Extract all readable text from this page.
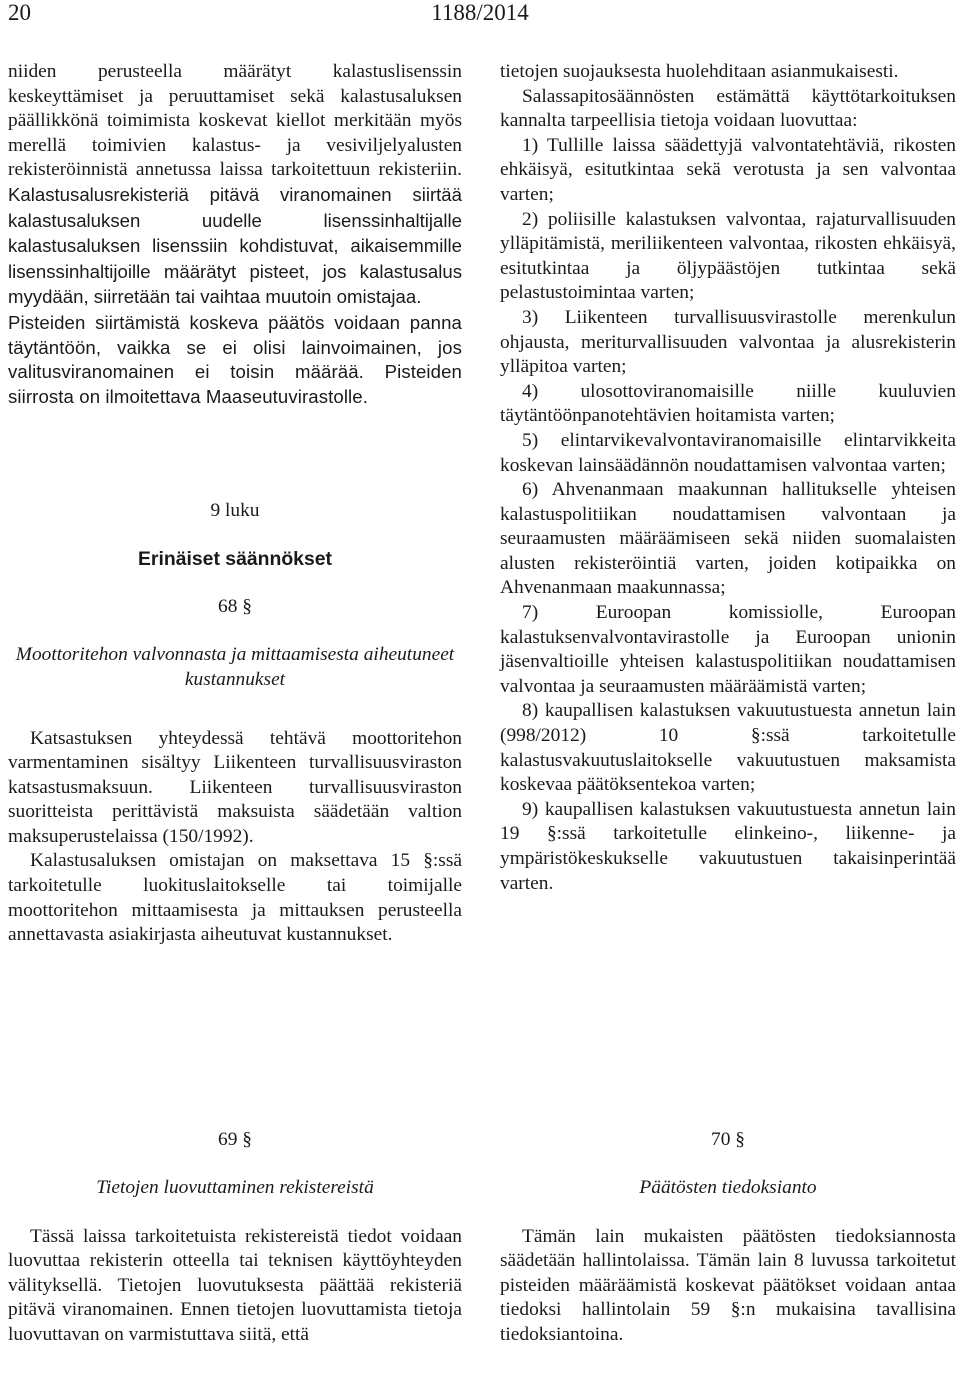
1188/2014
20

niiden perusteella määrätyt kalastuslisenssin keskeyttämiset ja peruuttamiset sekä kalastusaluksen päällikkönä toimimista koskevat kiellot merkitään myös merellä toimivien kalastus- ja vesiviljelyalusten rekisteröinnistä annetussa laissa tarkoitettuun rekisteriin. Kalastusalusrekisteriä pitävä viranomainen siirtää kalastusaluksen uudelle lisenssinhaltijalle kalastusaluksen lisenssiin kohdistuvat, aikaisemmille lisenssinhaltijoille määrätyt pisteet, jos kalastusalus myydään, siirretään tai vaihtaa muutoin omistajaa.

Pisteiden siirtämistä koskeva päätös voidaan panna täytäntöön, vaikka se ei olisi lainvoimainen, jos valitusviranomainen ei toisin määrää. Pisteiden siirrosta on ilmoitettava Maaseutuvirastolle.

9 luku

Erinäiset säännökset

68 §

Moottoritehon valvonnasta ja mittaamisesta aiheutuneet kustannukset

Katsastuksen yhteydessä tehtävä moottoritehon varmentaminen sisältyy Liikenteen turvallisuusviraston katsastusmaksuun. Liikenteen turvallisuusviraston suoritteista perittävistä maksuista säädetään valtion maksuperustelaissa (150/1992).

Kalastusaluksen omistajan on maksettava 15 §:ssä tarkoitetulle luokituslaitokselle tai toimijalle moottoritehon mittaamisesta ja mittauksen perusteella annettavasta asiakirjasta aiheutuvat kustannukset.

tietojen suojauksesta huolehditaan asianmukaisesti.

Salassapitosäännösten estämättä käyttötarkoituksen kannalta tarpeellisia tietoja voidaan luovuttaa:

1) Tullille laissa säädettyjä valvontatehtäviä, rikosten ehkäisyä, esitutkintaa sekä verotusta ja sen valvontaa varten;

2) poliisille kalastuksen valvontaa, rajaturvallisuuden ylläpitämistä, meriliikenteen valvontaa, rikosten ehkäisyä, esitutkintaa ja öljypäästöjen tutkintaa sekä pelastustoimintaa varten;

3) Liikenteen turvallisuusvirastolle merenkulun ohjausta, meriturvallisuuden valvontaa ja alusrekisterin ylläpitoa varten;

4) ulosottoviranomaisille niille kuuluvien täytäntöönpanotehtävien hoitamista varten;

5) elintarvikevalvontaviranomaisille elintarvikkeita koskevan lainsäädännön noudattamisen valvontaa varten;

6) Ahvenanmaan maakunnan hallitukselle yhteisen kalastuspolitiikan noudattamisen valvontaan ja seuraamusten määräämiseen sekä niiden suomalaisten alusten rekisteröintiä varten, joiden kotipaikka on Ahvenanmaan maakunnassa;

7) Euroopan komissiolle, Euroopan kalastuksenvalvontavirastolle ja Euroopan unionin jäsenvaltioille yhteisen kalastuspolitiikan noudattamisen valvontaa ja seuraamusten määräämistä varten;

8) kaupallisen kalastuksen vakuutustuesta annetun lain (998/2012) 10 §:ssä tarkoitetulle kalastusvakuutuslaitokselle vakuutustuen maksamista koskevaa päätöksentekoa varten;

9) kaupallisen kalastuksen vakuutustuesta annetun lain 19 §:ssä tarkoitetulle elinkeino-, liikenne- ja ympäristökeskukselle vakuutustuen takaisinperintää varten.

69 §

Tietojen luovuttaminen rekistereistä

Tässä laissa tarkoitetuista rekistereistä tiedot voidaan luovuttaa rekisterin otteella tai teknisen käyttöyhteyden välityksellä. Tietojen luovutuksesta päättää rekisteriä pitävä viranomainen. Ennen tietojen luovuttamista tietoja luovuttavan on varmistuttava siitä, että

70 §

Päätösten tiedoksianto

Tämän lain mukaisten päätösten tiedoksiannosta säädetään hallintolaissa. Tämän lain 8 luvussa tarkoitetut pisteiden määräämistä koskevat päätökset voidaan antaa tiedoksi hallintolain 59 §:n mukaisina tavallisina tiedoksiantoina.
